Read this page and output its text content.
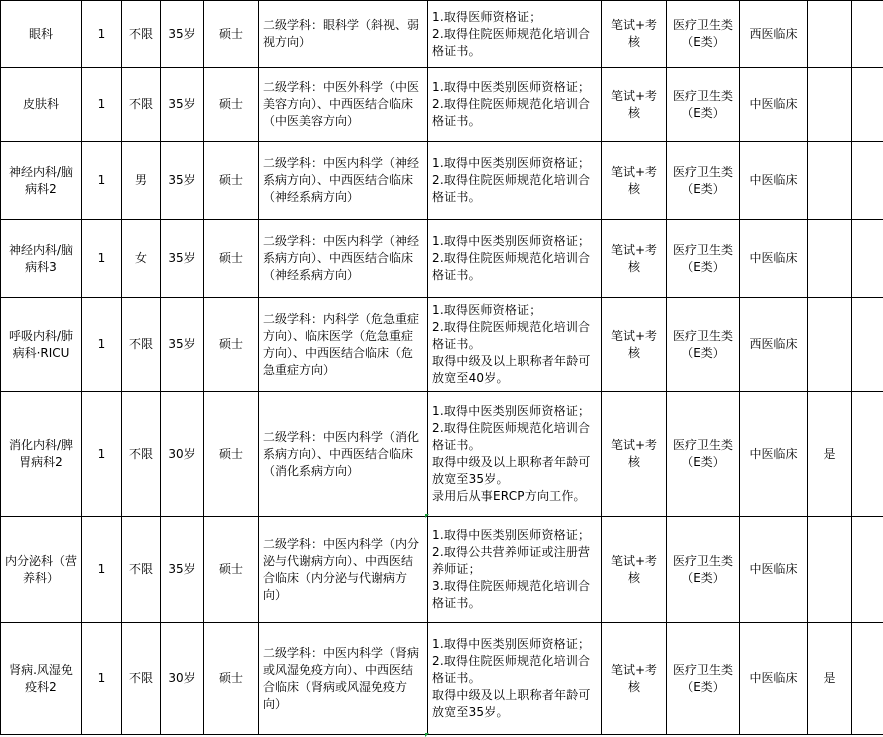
眼科	1	不限	35岁	硕士	二级学科：眼科学（斜视、弱视方向）	1.取得医师资格证；
2.取得住院医师规范化培训合格证书。	笔试+考核	医疗卫生类（E类）	西医临床		
皮肤科	1	不限	35岁	硕士	二级学科：中医外科学（中医美容方向）、中西医结合临床（中医美容方向）	1.取得中医类别医师资格证；
2.取得住院医师规范化培训合格证书。	笔试+考核	医疗卫生类（E类）	中医临床		
神经内科/脑病科2	1	男	35岁	硕士	二级学科：中医内科学（神经系病方向）、中西医结合临床（神经系病方向）	1.取得中医类别医师资格证；
2.取得住院医师规范化培训合格证书。	笔试+考核	医疗卫生类（E类）	中医临床		
神经内科/脑病科3	1	女	35岁	硕士	二级学科：中医内科学（神经系病方向）、中西医结合临床（神经系病方向）	1.取得中医类别医师资格证；
2.取得住院医师规范化培训合格证书。	笔试+考核	医疗卫生类（E类）	中医临床		
呼吸内科/肺病科·RICU	1	不限	35岁	硕士	二级学科：内科学（危急重症方向）、临床医学（危急重症方向）、中西医结合临床（危急重症方向）	1.取得医师资格证；
2.取得住院医师规范化培训合格证书。
取得中级及以上职称者年龄可放宽至40岁。	笔试+考核	医疗卫生类（E类）	西医临床		
消化内科/脾胃病科2	1	不限	30岁	硕士	二级学科：中医内科学（消化系病方向）、中西医结合临床（消化系病方向）	1.取得中医类别医师资格证；
2.取得住院医师规范化培训合格证书。
取得中级及以上职称者年龄可放宽至35岁。
录用后从事ERCP方向工作。	笔试+考核	医疗卫生类（E类）	中医临床	是	
内分泌科（营养科）	1	不限	35岁	硕士	二级学科：中医内科学（内分泌与代谢病方向）、中西医结合临床（内分泌与代谢病方向）	1.取得中医类别医师资格证；
2.取得公共营养师证或注册营养师证；
3.取得住院医师规范化培训合格证书。	笔试+考核	医疗卫生类（E类）	中医临床		
肾病.风湿免疫科2	1	不限	30岁	硕士	二级学科：中医内科学（肾病或风湿免疫方向）、中西医结合临床（肾病或风湿免疫方向）	1.取得中医类别医师资格证；
2.取得住院医师规范化培训合格证书。
取得中级及以上职称者年龄可放宽至35岁。	笔试+考核	医疗卫生类（E类）	中医临床	是	
